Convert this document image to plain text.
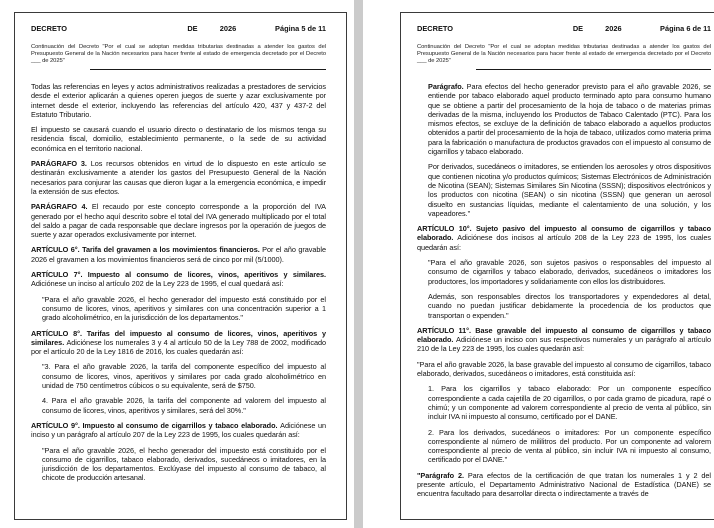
DECRETO	DE	2026	Página 5 de 11
Continuación del Decreto "Por el cual se adoptan medidas tributarias destinadas a atender los gastos del Presupuesto General de la Nación necesarios para hacer frente al estado de emergencia decretado por el Decreto ___ de 2025"

Todas las referencias en leyes y actos administrativos realizadas a prestadores de servicios desde el exterior aplicarán a quienes operen juegos de suerte y azar exclusivamente por internet desde el exterior, incluyendo las referencias del artículo 420, 437 y 437-2 del Estatuto Tributario.

El impuesto se causará cuando el usuario directo o destinatario de los mismos tenga su residencia fiscal, domicilio, establecimiento permanente, o la sede de su actividad económica en el territorio nacional.

PARÁGRAFO 3. Los recursos obtenidos en virtud de lo dispuesto en este artículo se destinarán exclusivamente a atender los gastos del Presupuesto General de la Nación necesarios para conjurar las causas que dieron lugar a la emergencia económica, e impedir la extensión de sus efectos.

PARÁGRAFO 4. El recaudo por este concepto corresponde a la proporción del IVA generado por el hecho aquí descrito sobre el total del IVA generado multiplicado por el total del saldo a pagar de cada responsable que declare ingresos por la operación de juegos de suerte y azar operados exclusivamente por internet.

ARTÍCULO 6°. Tarifa del gravamen a los movimientos financieros. Por el año gravable 2026 el gravamen a los movimientos financieros será de cinco por mil (5/1000).

ARTÍCULO 7°. Impuesto al consumo de licores, vinos, aperitivos y similares. Adiciónese un inciso al artículo 202 de la Ley 223 de 1995, el cual quedará así:

"Para el año gravable 2026, el hecho generador del impuesto está constituido por el consumo de licores, vinos, aperitivos y similares con una concentración superior a 1 grado alcoholimétrico, en la jurisdicción de los departamentos."

ARTÍCULO 8°. Tarifas del impuesto al consumo de licores, vinos, aperitivos y similares. Adiciónese los numerales 3 y 4 al artículo 50 de la Ley 788 de 2002, modificado por el artículo 20 de la Ley 1816 de 2016, los cuales quedarán así:

"3. Para el año gravable 2026, la tarifa del componente específico del impuesto al consumo de licores, vinos, aperitivos y similares por cada grado alcoholimétrico en unidad de 750 centímetros cúbicos o su equivalente, será de $750.

4. Para el año gravable 2026, la tarifa del componente ad valorem del impuesto al consumo de licores, vinos, aperitivos y similares, será del 30%."

ARTÍCULO 9°. Impuesto al consumo de cigarrillos y tabaco elaborado. Adiciónese un inciso y un parágrafo al artículo 207 de la Ley 223 de 1995, los cuales quedarán así:

"Para el año gravable 2026, el hecho generador del impuesto está constituido por el consumo de cigarrillos, tabaco elaborado, derivados, sucedáneos o imitadores, en la jurisdicción de los departamentos. Exclúyase del impuesto al consumo de tabaco, al chicote de producción artesanal.

DECRETO	DE	2026	Página 6 de 11
Continuación del Decreto "Por el cual se adoptan medidas tributarias destinadas a atender los gastos del Presupuesto General de la Nación necesarios para hacer frente al estado de emergencia decretado por el Decreto ___ de 2025"

Parágrafo. Para efectos del hecho generador previsto para el año gravable 2026, se entiende por tabaco elaborado aquel producto terminado apto para consumo humano que se obtiene a partir del procesamiento de la hoja de tabaco o de materias primas derivadas de la misma, incluyendo los Productos de Tabaco Calentado (PTC). Para los mismos efectos, se excluye de la definición de tabaco elaborado a aquellos productos obtenidos a partir del procesamiento de la hoja de tabaco, utilizados como materia prima para la fabricación o manufactura de productos gravados con el impuesto al consumo de cigarrillos y tabaco elaborado.

Por derivados, sucedáneos o imitadores, se entienden los aerosoles y otros dispositivos que contienen nicotina y/o productos químicos; Sistemas Electrónicos de Administración de Nicotina (SEAN); Sistemas Similares Sin Nicotina (SSSN); dispositivos electrónicos y los productos con nicotina (SEAN) o sin nicotina (SSSN) que generan un aerosol disuelto en sustancias líquidas, mediante el calentamiento de una solución, y los vapeadores."

ARTÍCULO 10°. Sujeto pasivo del impuesto al consumo de cigarrillos y tabaco elaborado. Adiciónese dos incisos al artículo 208 de la Ley 223 de 1995, los cuales quedarán así:

"Para el año gravable 2026, son sujetos pasivos o responsables del impuesto al consumo de cigarrillos y tabaco elaborado, derivados, sucedáneos o imitadores los productores, los importadores y solidariamente con ellos los distribuidores.

Además, son responsables directos los transportadores y expendedores al detal, cuando no puedan justificar debidamente la procedencia de los productos que transportan o expenden."

ARTÍCULO 11°. Base gravable del impuesto al consumo de cigarrillos y tabaco elaborado. Adiciónese un inciso con sus respectivos numerales y un parágrafo al artículo 210 de la Ley 223 de 1995, los cuales quedarán así:

"Para el año gravable 2026, la base gravable del impuesto al consumo de cigarrillos, tabaco elaborado, derivados, sucedáneos o imitadores, está constituida así:

1. Para los cigarrillos y tabaco elaborado: Por un componente específico correspondiente a cada cajetilla de 20 cigarrillos, o por cada gramo de picadura, rapé o chimú; y un componente ad valorem correspondiente al precio de venta al público, sin incluir IVA ni impuesto al consumo, certificado por el DANE.

2. Para los derivados, sucedáneos o imitadores: Por un componente específico correspondiente al número de mililitros del producto. Por un componente ad valorem correspondiente al precio de venta al público, sin incluir IVA ni impuesto al consumo, certificado por el DANE."

"Parágrafo 2. Para efectos de la certificación de que tratan los numerales 1 y 2 del presente artículo, el Departamento Administrativo Nacional de Estadística (DANE) se encuentra facultado para desarrollar directa o indirectamente a través de
